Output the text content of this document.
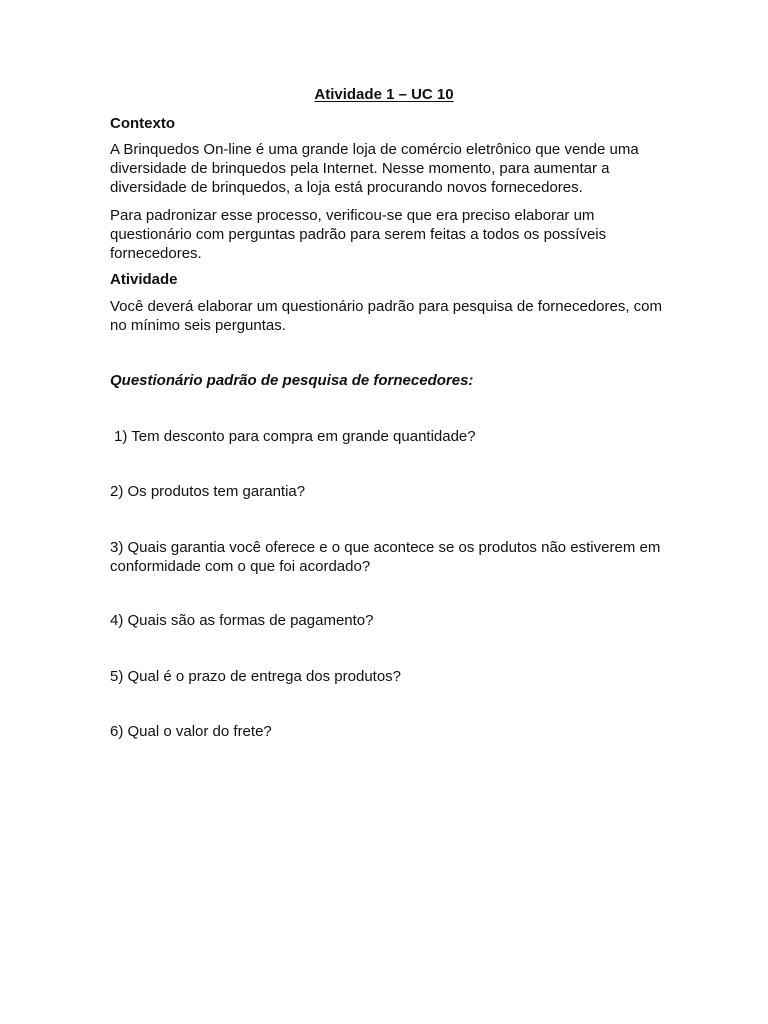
Atividade 1 – UC 10

Contexto

A Brinquedos On-line é uma grande loja de comércio eletrônico que vende uma diversidade de brinquedos pela Internet. Nesse momento, para aumentar a diversidade de brinquedos, a loja está procurando novos fornecedores.

Para padronizar esse processo, verificou-se que era preciso elaborar um questionário com perguntas padrão para serem feitas a todos os possíveis fornecedores.

Atividade

Você deverá elaborar um questionário padrão para pesquisa de fornecedores, com no mínimo seis perguntas.

Questionário padrão de pesquisa de fornecedores:

1) Tem desconto para compra em grande quantidade?

2) Os produtos tem garantia?

3) Quais garantia você oferece e o que acontece se os produtos não estiverem em conformidade com o que foi acordado?

4) Quais são as formas de pagamento?

5) Qual é o prazo de entrega dos produtos?

6) Qual o valor do frete?
